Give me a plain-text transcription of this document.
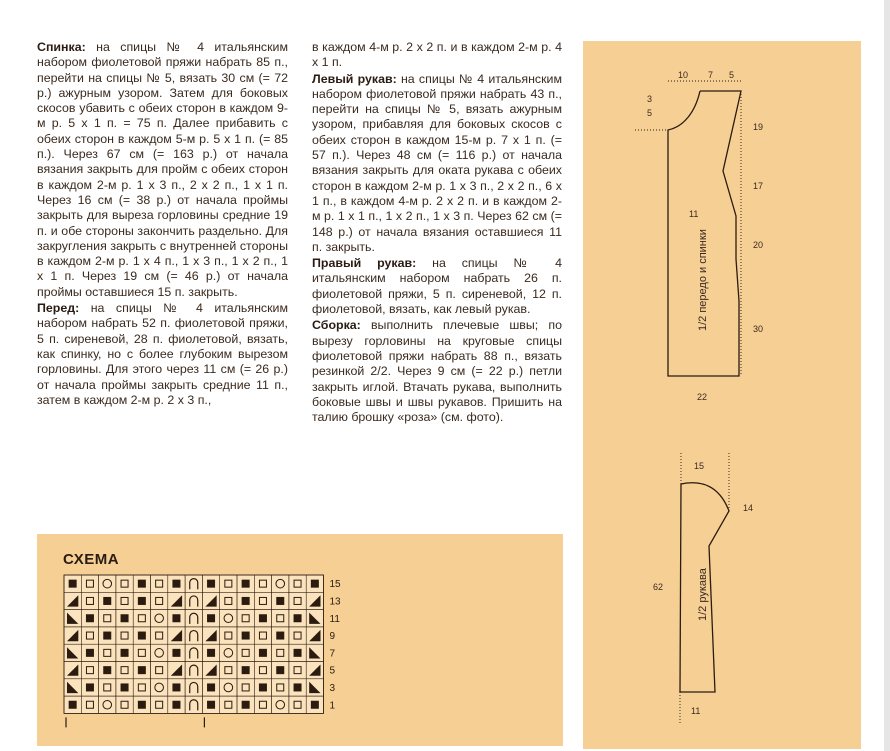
Спинка: на спицы № 4 итальянским набором фиолетовой пряжи набрать 85 п., перейти на спицы № 5, вязать 30 см (= 72 р.) ажурным узором. Затем для боковых скосов убавить с обеих сторон в каждом 9-м р. 5 х 1 п. = 75 п. Далее прибавить с обеих сторон в каждом 5-м р. 5 х 1 п. (= 85 п.). Через 67 см (= 163 р.) от начала вязания закрыть для пройм с обеих сторон в каждом 2-м р. 1 х 3 п., 2 х 2 п., 1 х 1 п. Через 16 см (= 38 р.) от начала проймы закрыть для выреза горловины средние 19 п. и обе стороны закончить раздельно. Для закругления закрыть с внутренней стороны в каждом 2-м р. 1 х 4 п., 1 х 3 п., 1 х 2 п., 1 х 1 п. Через 19 см (= 46 р.) от начала проймы оставшиеся 15 п. закрыть.

Перед: на спицы № 4 итальянским набором набрать 52 п. фиолетовой пряжи, 5 п. сиреневой, 28 п. фиолетовой, вязать, как спинку, но с более глубоким вырезом горловины. Для этого через 11 см (= 26 р.) от начала проймы закрыть средние 11 п., затем в каждом 2-м р. 2 х 3 п.,

в каждом 4-м р. 2 х 2 п. и в каждом 2-м р. 4 х 1 п.

Левый рукав: на спицы № 4 итальянским набором фиолетовой пряжи набрать 43 п., перейти на спицы № 5, вязать ажурным узором, прибавляя для боковых скосов с обеих сторон в каждом 15-м р. 7 х 1 п. (= 57 п.). Через 48 см (= 116 р.) от начала вязания закрыть для оката рукава с обеих сторон в каждом 2-м р. 1 х 3 п., 2 х 2 п., 6 х 1 п., в каждом 4-м р. 2 х 2 п. и в каждом 2-м р. 1 х 1 п., 1 х 2 п., 1 х 3 п. Через 62 см (= 148 р.) от начала вязания оставшиеся 11 п. закрыть.

Правый рукав: на спицы № 4 итальянским набором набрать 26 п. фиолетовой пряжи, 5 п. сиреневой, 12 п. фиолетовой, вязать, как левый рукав.

Сборка: выполнить плечевые швы; по вырезу горловины на круговые спицы фиолетовой пряжи набрать 88 п., вязать резинкой 2/2. Через 9 см (= 22 р.) петли закрыть иглой. Втачать рукава, выполнить боковые швы и швы рукавов. Пришить на талию брошку «роза» (см. фото).

СХЕМА
15
13
11
9
7
5
3
1
10 7 5
3
5
19
17
20
30
11
22
1/2 передо и спинки
15
14
62
11
1/2 рукава
